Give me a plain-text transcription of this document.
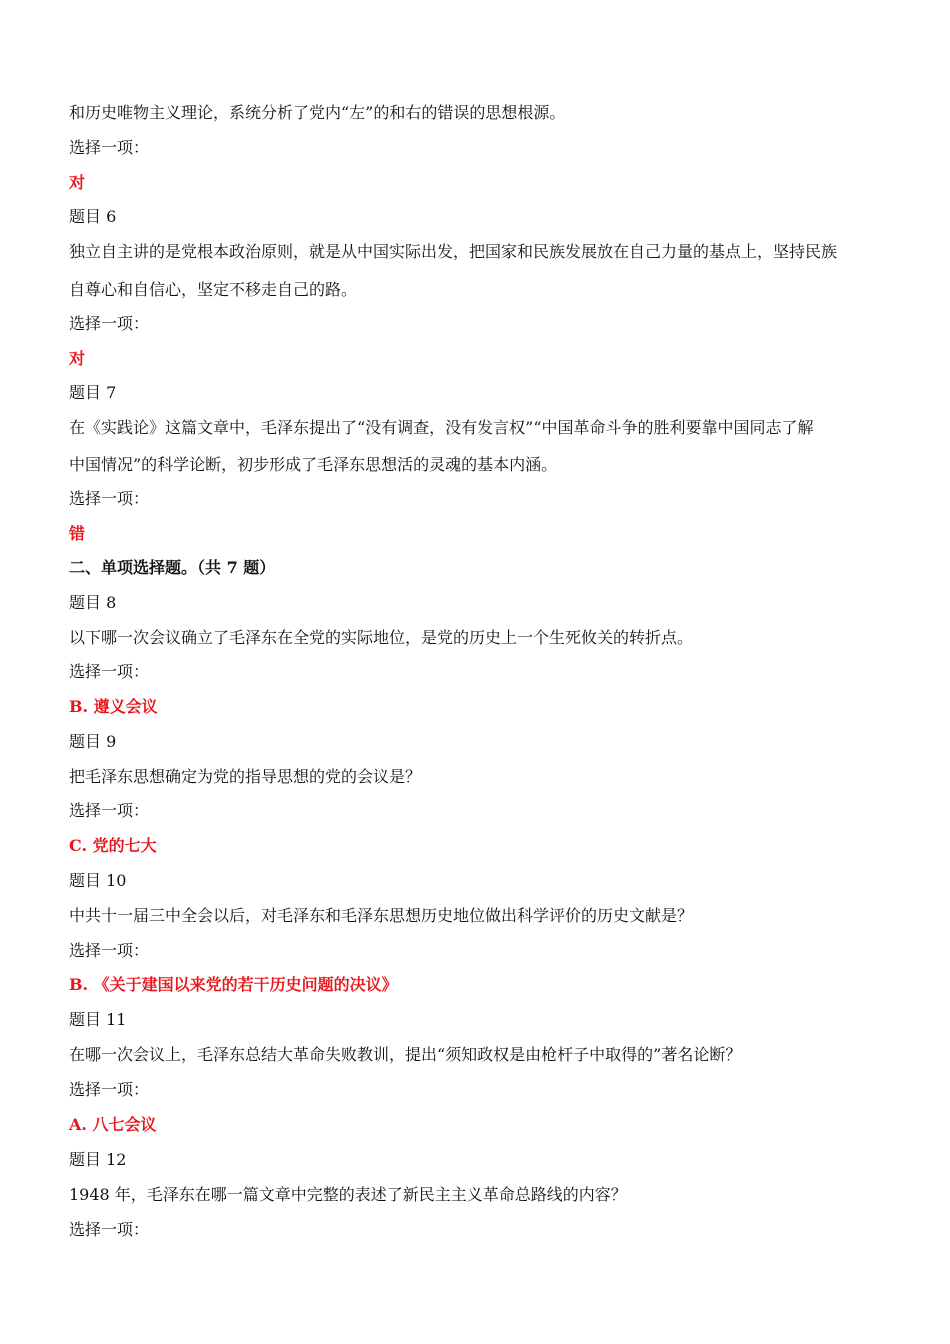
和历史唯物主义理论，系统分析了党内“左”的和右的错误的思想根源。
选择一项：
对
题目 6
独立自主讲的是党根本政治原则，就是从中国实际出发，把国家和民族发展放在自己力量的基点上，坚持民族
自尊心和自信心，坚定不移走自己的路。
选择一项：
对
题目 7
在《实践论》这篇文章中，毛泽东提出了“没有调查，没有发言权”“中国革命斗争的胜利要靠中国同志了解
中国情况”的科学论断，初步形成了毛泽东思想活的灵魂的基本内涵。
选择一项：
错
二、单项选择题。（共 7 题）
题目 8
以下哪一次会议确立了毛泽东在全党的实际地位，是党的历史上一个生死攸关的转折点。
选择一项：
B. 遵义会议
题目 9
把毛泽东思想确定为党的指导思想的党的会议是？
选择一项：
C. 党的七大
题目 10
中共十一届三中全会以后，对毛泽东和毛泽东思想历史地位做出科学评价的历史文献是？
选择一项：
B. 《关于建国以来党的若干历史问题的决议》
题目 11
在哪一次会议上，毛泽东总结大革命失败教训，提出“须知政权是由枪杆子中取得的”著名论断？
选择一项：
A. 八七会议
题目 12
1948 年，毛泽东在哪一篇文章中完整的表述了新民主主义革命总路线的内容？
选择一项：
